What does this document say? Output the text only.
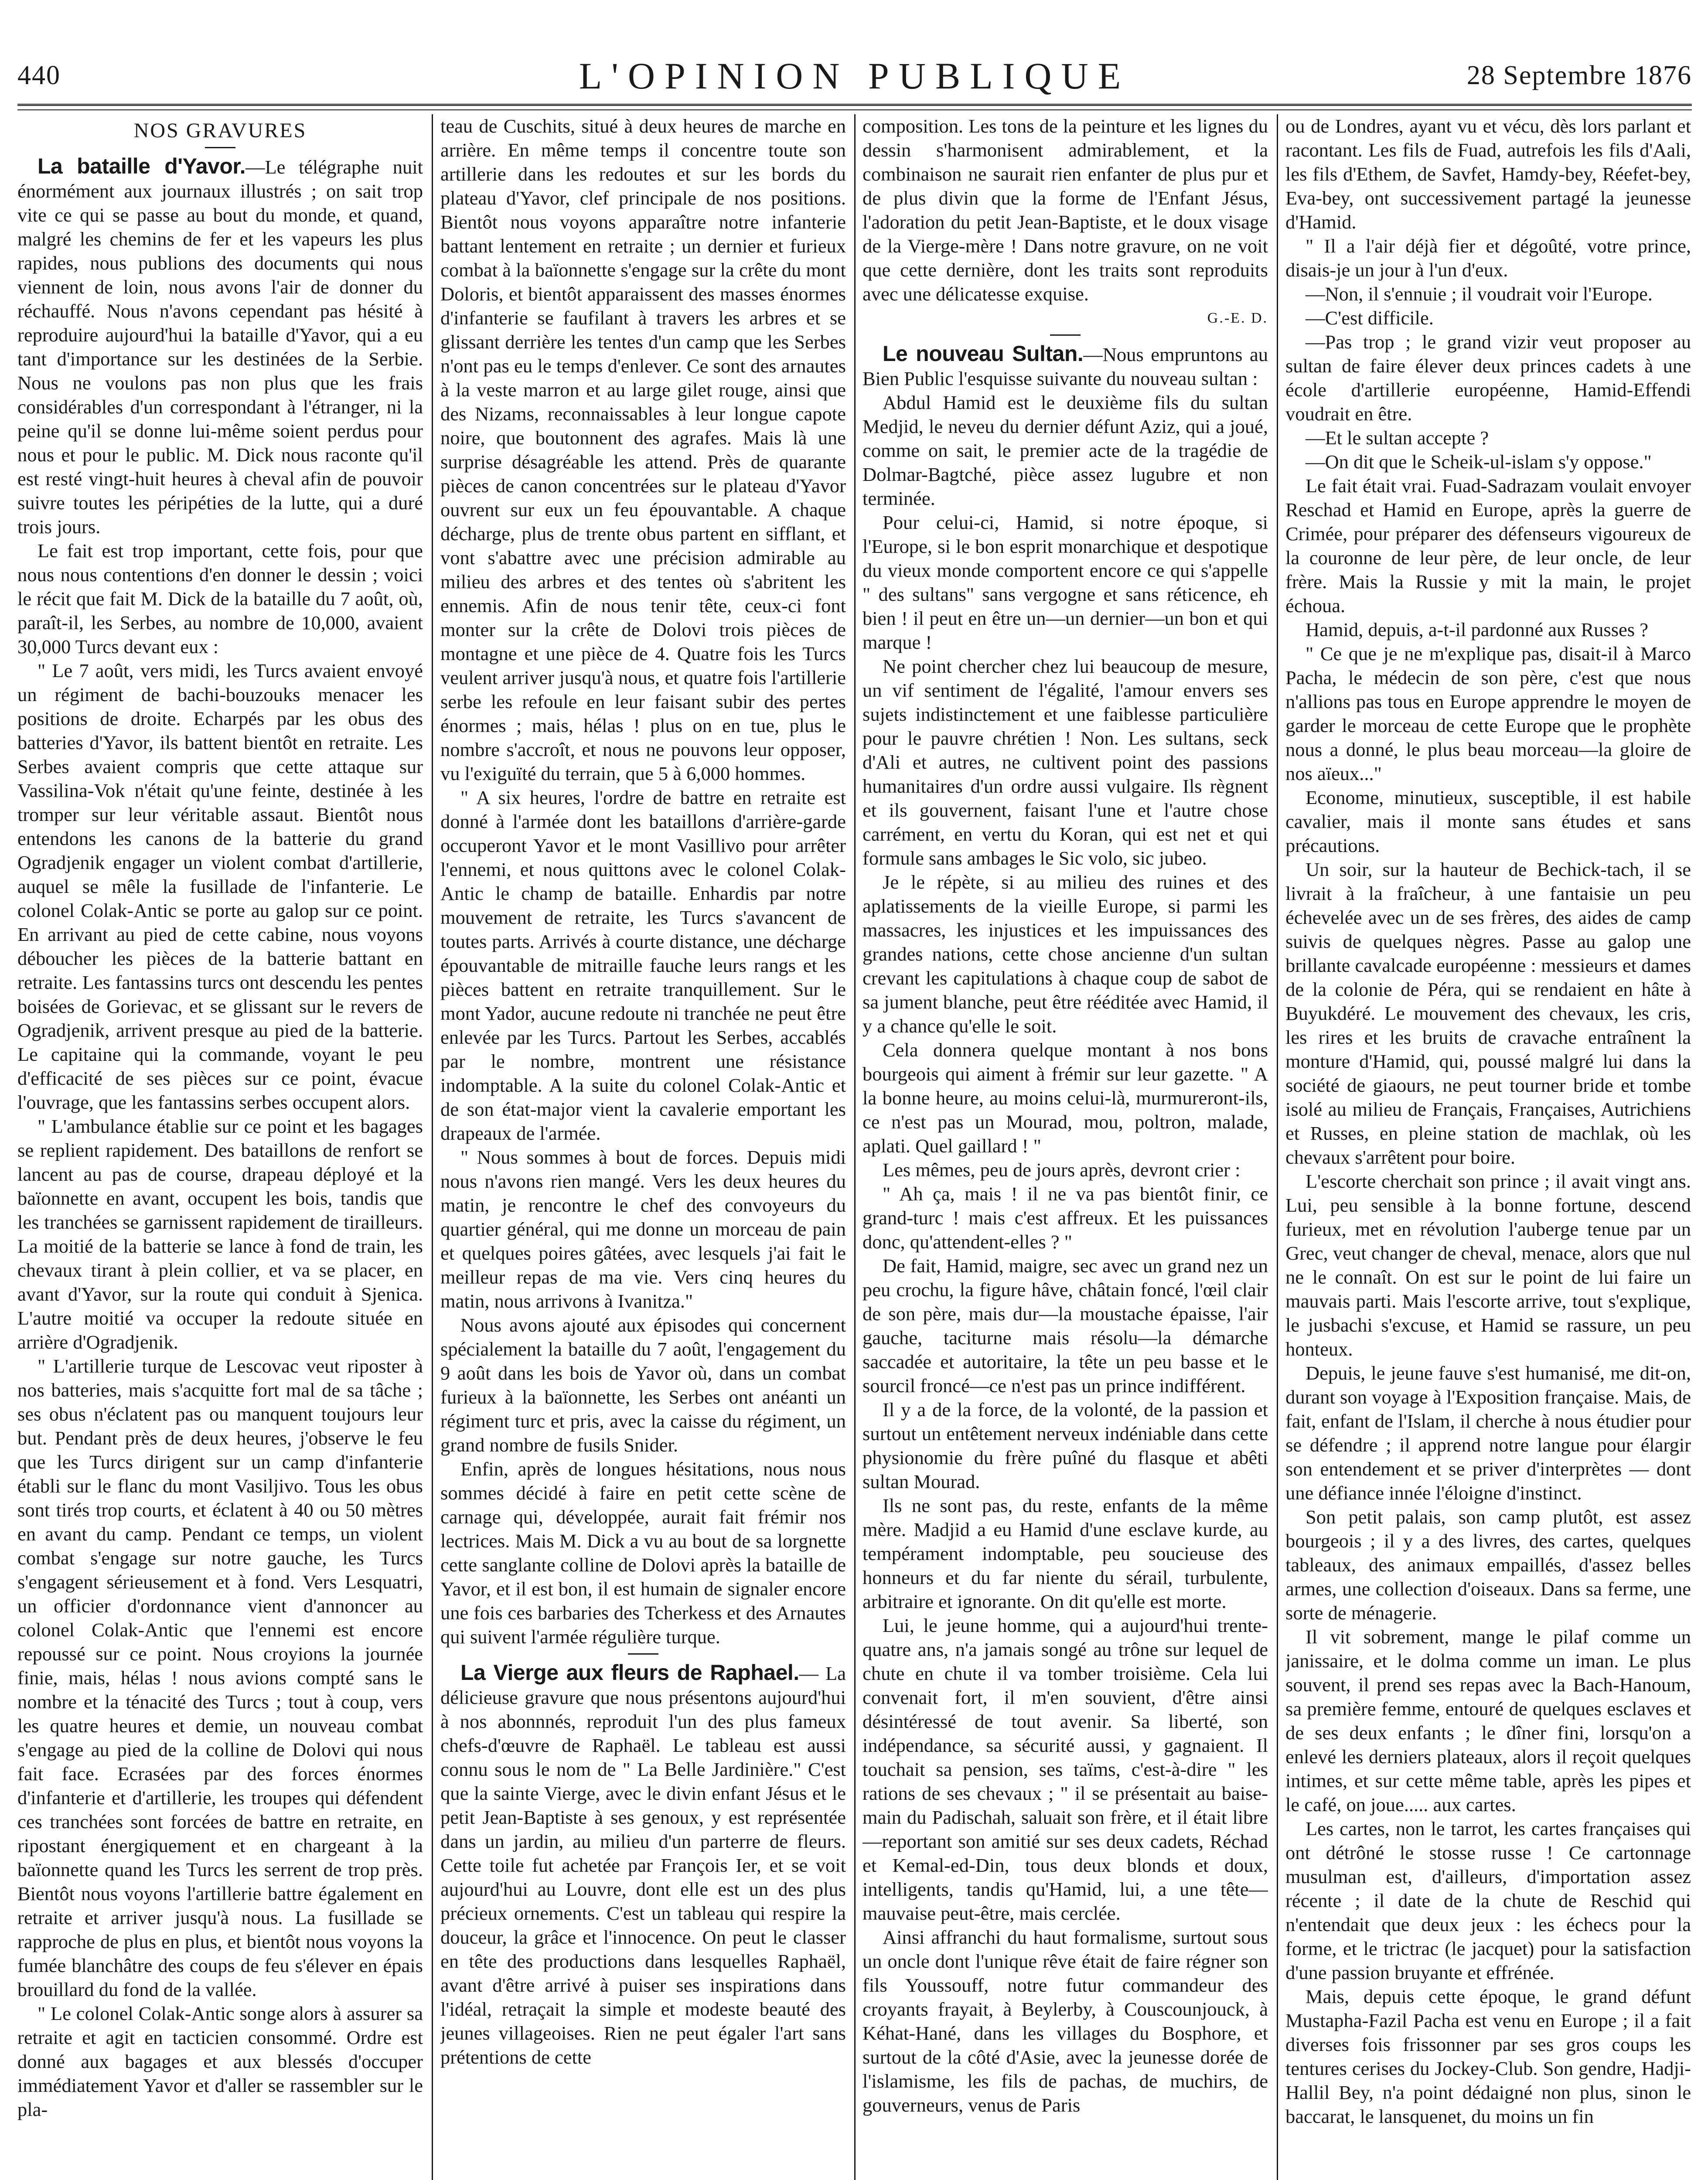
440	L'OPINION PUBLIQUE	28 Septembre 1876
NOS GRAVURES

La bataille d'Yavor.—Le télégraphe nuit énormément aux journaux illustrés ; on sait trop vite ce qui se passe au bout du monde, et quand, malgré les chemins de fer et les vapeurs les plus rapides, nous publions des documents qui nous viennent de loin, nous avons l'air de donner du réchauffé. Nous n'avons cependant pas hésité à reproduire aujourd'hui la bataille d'Yavor, qui a eu tant d'importance sur les destinées de la Serbie. Nous ne voulons pas non plus que les frais considérables d'un correspondant à l'étranger, ni la peine qu'il se donne lui-même soient perdus pour nous et pour le public. M. Dick nous raconte qu'il est resté vingt-huit heures à cheval afin de pouvoir suivre toutes les péripéties de la lutte, qui a duré trois jours.

Le fait est trop important, cette fois, pour que nous nous contentions d'en donner le dessin ; voici le récit que fait M. Dick de la bataille du 7 août, où, paraît-il, les Serbes, au nombre de 10,000, avaient 30,000 Turcs devant eux :

" Le 7 août, vers midi, les Turcs avaient envoyé un régiment de bachi-bouzouks menacer les positions de droite. Echarpés par les obus des batteries d'Yavor, ils battent bientôt en retraite. Les Serbes avaient compris que cette attaque sur Vassilina-Vok n'était qu'une feinte, destinée à les tromper sur leur véritable assaut. Bientôt nous entendons les canons de la batterie du grand Ogradjenik engager un violent combat d'artillerie, auquel se mêle la fusillade de l'infanterie. Le colonel Colak-Antic se porte au galop sur ce point. En arrivant au pied de cette cabine, nous voyons déboucher les pièces de la batterie battant en retraite. Les fantassins turcs ont descendu les pentes boisées de Gorievac, et se glissant sur le revers de Ogradjenik, arrivent presque au pied de la batterie. Le capitaine qui la commande, voyant le peu d'efficacité de ses pièces sur ce point, évacue l'ouvrage, que les fantassins serbes occupent alors.

" L'ambulance établie sur ce point et les bagages se replient rapidement. Des bataillons de renfort se lancent au pas de course, drapeau déployé et la baïonnette en avant, occupent les bois, tandis que les tranchées se garnissent rapidement de tirailleurs. La moitié de la batterie se lance à fond de train, les chevaux tirant à plein collier, et va se placer, en avant d'Yavor, sur la route qui conduit à Sjenica. L'autre moitié va occuper la redoute située en arrière d'Ogradjenik.

" L'artillerie turque de Lescovac veut riposter à nos batteries, mais s'acquitte fort mal de sa tâche ; ses obus n'éclatent pas ou manquent toujours leur but. Pendant près de deux heures, j'observe le feu que les Turcs dirigent sur un camp d'infanterie établi sur le flanc du mont Vasiljivo. Tous les obus sont tirés trop courts, et éclatent à 40 ou 50 mètres en avant du camp. Pendant ce temps, un violent combat s'engage sur notre gauche, les Turcs s'engagent sérieusement et à fond. Vers Lesquatri, un officier d'ordonnance vient d'annoncer au colonel Colak-Antic que l'ennemi est encore repoussé sur ce point. Nous croyions la journée finie, mais, hélas ! nous avions compté sans le nombre et la ténacité des Turcs ; tout à coup, vers les quatre heures et demie, un nouveau combat s'engage au pied de la colline de Dolovi qui nous fait face. Ecrasées par des forces énormes d'infanterie et d'artillerie, les troupes qui défendent ces tranchées sont forcées de battre en retraite, en ripostant énergiquement et en chargeant à la baïonnette quand les Turcs les serrent de trop près. Bientôt nous voyons l'artillerie battre également en retraite et arriver jusqu'à nous. La fusillade se rapproche de plus en plus, et bientôt nous voyons la fumée blanchâtre des coups de feu s'élever en épais brouillard du fond de la vallée.

" Le colonel Colak-Antic songe alors à assurer sa retraite et agit en tacticien consommé. Ordre est donné aux bagages et aux blessés d'occuper immédiatement Yavor et d'aller se rassembler sur le pla-

teau de Cuschits, situé à deux heures de marche en arrière. En même temps il concentre toute son artillerie dans les redoutes et sur les bords du plateau d'Yavor, clef principale de nos positions. Bientôt nous voyons apparaître notre infanterie battant lentement en retraite ; un dernier et furieux combat à la baïonnette s'engage sur la crête du mont Doloris, et bientôt apparaissent des masses énormes d'infanterie se faufilant à travers les arbres et se glissant derrière les tentes d'un camp que les Serbes n'ont pas eu le temps d'enlever. Ce sont des arnautes à la veste marron et au large gilet rouge, ainsi que des Nizams, reconnaissables à leur longue capote noire, que boutonnent des agrafes. Mais là une surprise désagréable les attend. Près de quarante pièces de canon concentrées sur le plateau d'Yavor ouvrent sur eux un feu épouvantable. A chaque décharge, plus de trente obus partent en sifflant, et vont s'abattre avec une précision admirable au milieu des arbres et des tentes où s'abritent les ennemis. Afin de nous tenir tête, ceux-ci font monter sur la crête de Dolovi trois pièces de montagne et une pièce de 4. Quatre fois les Turcs veulent arriver jusqu'à nous, et quatre fois l'artillerie serbe les refoule en leur faisant subir des pertes énormes ; mais, hélas ! plus on en tue, plus le nombre s'accroît, et nous ne pouvons leur opposer, vu l'exiguïté du terrain, que 5 à 6,000 hommes.

" A six heures, l'ordre de battre en retraite est donné à l'armée dont les bataillons d'arrière-garde occuperont Yavor et le mont Vasillivo pour arrêter l'ennemi, et nous quittons avec le colonel Colak-Antic le champ de bataille. Enhardis par notre mouvement de retraite, les Turcs s'avancent de toutes parts. Arrivés à courte distance, une décharge épouvantable de mitraille fauche leurs rangs et les pièces battent en retraite tranquillement. Sur le mont Yador, aucune redoute ni tranchée ne peut être enlevée par les Turcs. Partout les Serbes, accablés par le nombre, montrent une résistance indomptable. A la suite du colonel Colak-Antic et de son état-major vient la cavalerie emportant les drapeaux de l'armée.

" Nous sommes à bout de forces. Depuis midi nous n'avons rien mangé. Vers les deux heures du matin, je rencontre le chef des convoyeurs du quartier général, qui me donne un morceau de pain et quelques poires gâtées, avec lesquels j'ai fait le meilleur repas de ma vie. Vers cinq heures du matin, nous arrivons à Ivanitza."

Nous avons ajouté aux épisodes qui concernent spécialement la bataille du 7 août, l'engagement du 9 août dans les bois de Yavor où, dans un combat furieux à la baïonnette, les Serbes ont anéanti un régiment turc et pris, avec la caisse du régiment, un grand nombre de fusils Snider.

Enfin, après de longues hésitations, nous nous sommes décidé à faire en petit cette scène de carnage qui, développée, aurait fait frémir nos lectrices. Mais M. Dick a vu au bout de sa lorgnette cette sanglante colline de Dolovi après la bataille de Yavor, et il est bon, il est humain de signaler encore une fois ces barbaries des Tcherkess et des Arnautes qui suivent l'armée régulière turque.

La Vierge aux fleurs de Raphael.— La délicieuse gravure que nous présentons aujourd'hui à nos abonnnés, reproduit l'un des plus fameux chefs-d'œuvre de Raphaël. Le tableau est aussi connu sous le nom de " La Belle Jardinière." C'est que la sainte Vierge, avec le divin enfant Jésus et le petit Jean-Baptiste à ses genoux, y est représentée dans un jardin, au milieu d'un parterre de fleurs. Cette toile fut achetée par François Ier, et se voit aujourd'hui au Louvre, dont elle est un des plus précieux ornements. C'est un tableau qui respire la douceur, la grâce et l'innocence. On peut le classer en tête des productions dans lesquelles Raphaël, avant d'être arrivé à puiser ses inspirations dans l'idéal, retraçait la simple et modeste beauté des jeunes villageoises. Rien ne peut égaler l'art sans prétentions de cette

composition. Les tons de la peinture et les lignes du dessin s'harmonisent admirablement, et la combinaison ne saurait rien enfanter de plus pur et de plus divin que la forme de l'Enfant Jésus, l'adoration du petit Jean-Baptiste, et le doux visage de la Vierge-mère ! Dans notre gravure, on ne voit que cette dernière, dont les traits sont reproduits avec une délicatesse exquise.

G.-E. D.

Le nouveau Sultan.—Nous empruntons au Bien Public l'esquisse suivante du nouveau sultan :

Abdul Hamid est le deuxième fils du sultan Medjid, le neveu du dernier défunt Aziz, qui a joué, comme on sait, le premier acte de la tragédie de Dolmar-Bagtché, pièce assez lugubre et non terminée.

Pour celui-ci, Hamid, si notre époque, si l'Europe, si le bon esprit monarchique et despotique du vieux monde comportent encore ce qui s'appelle " des sultans" sans vergogne et sans réticence, eh bien ! il peut en être un—un dernier—un bon et qui marque !

Ne point chercher chez lui beaucoup de mesure, un vif sentiment de l'égalité, l'amour envers ses sujets indistinctement et une faiblesse particulière pour le pauvre chrétien ! Non. Les sultans, seck d'Ali et autres, ne cultivent point des passions humanitaires d'un ordre aussi vulgaire. Ils règnent et ils gouvernent, faisant l'une et l'autre chose carrément, en vertu du Koran, qui est net et qui formule sans ambages le Sic volo, sic jubeo.

Je le répète, si au milieu des ruines et des aplatissements de la vieille Europe, si parmi les massacres, les injustices et les impuissances des grandes nations, cette chose ancienne d'un sultan crevant les capitulations à chaque coup de sabot de sa jument blanche, peut être rééditée avec Hamid, il y a chance qu'elle le soit.

Cela donnera quelque montant à nos bons bourgeois qui aiment à frémir sur leur gazette. " A la bonne heure, au moins celui-là, murmureront-ils, ce n'est pas un Mourad, mou, poltron, malade, aplati. Quel gaillard ! "

Les mêmes, peu de jours après, devront crier :

" Ah ça, mais ! il ne va pas bientôt finir, ce grand-turc ! mais c'est affreux. Et les puissances donc, qu'attendent-elles ? "

De fait, Hamid, maigre, sec avec un grand nez un peu crochu, la figure hâve, châtain foncé, l'œil clair de son père, mais dur—la moustache épaisse, l'air gauche, taciturne mais résolu—la démarche saccadée et autoritaire, la tête un peu basse et le sourcil froncé—ce n'est pas un prince indifférent.

Il y a de la force, de la volonté, de la passion et surtout un entêtement nerveux indéniable dans cette physionomie du frère puîné du flasque et abêti sultan Mourad.

Ils ne sont pas, du reste, enfants de la même mère. Madjid a eu Hamid d'une esclave kurde, au tempérament indomptable, peu soucieuse des honneurs et du far niente du sérail, turbulente, arbitraire et ignorante. On dit qu'elle est morte.

Lui, le jeune homme, qui a aujourd'hui trente-quatre ans, n'a jamais songé au trône sur lequel de chute en chute il va tomber troisième. Cela lui convenait fort, il m'en souvient, d'être ainsi désintéressé de tout avenir. Sa liberté, son indépendance, sa sécurité aussi, y gagnaient. Il touchait sa pension, ses taïms, c'est-à-dire " les rations de ses chevaux ; " il se présentait au baise-main du Padischah, saluait son frère, et il était libre—reportant son amitié sur ses deux cadets, Réchad et Kemal-ed-Din, tous deux blonds et doux, intelligents, tandis qu'Hamid, lui, a une tête—mauvaise peut-être, mais cerclée.

Ainsi affranchi du haut formalisme, surtout sous un oncle dont l'unique rêve était de faire régner son fils Youssouff, notre futur commandeur des croyants frayait, à Beylerby, à Couscounjouck, à Kéhat-Hané, dans les villages du Bosphore, et surtout de la côté d'Asie, avec la jeunesse dorée de l'islamisme, les fils de pachas, de muchirs, de gouverneurs, venus de Paris

ou de Londres, ayant vu et vécu, dès lors parlant et racontant. Les fils de Fuad, autrefois les fils d'Aali, les fils d'Ethem, de Savfet, Hamdy-bey, Réefet-bey, Eva-bey, ont successivement partagé la jeunesse d'Hamid.

" Il a l'air déjà fier et dégoûté, votre prince, disais-je un jour à l'un d'eux.

—Non, il s'ennuie ; il voudrait voir l'Europe.

—C'est difficile.

—Pas trop ; le grand vizir veut proposer au sultan de faire élever deux princes cadets à une école d'artillerie européenne, Hamid-Effendi voudrait en être.

—Et le sultan accepte ?

—On dit que le Scheik-ul-islam s'y oppose."

Le fait était vrai. Fuad-Sadrazam voulait envoyer Reschad et Hamid en Europe, après la guerre de Crimée, pour préparer des défenseurs vigoureux de la couronne de leur père, de leur oncle, de leur frère. Mais la Russie y mit la main, le projet échoua.

Hamid, depuis, a-t-il pardonné aux Russes ?

" Ce que je ne m'explique pas, disait-il à Marco Pacha, le médecin de son père, c'est que nous n'allions pas tous en Europe apprendre le moyen de garder le morceau de cette Europe que le prophète nous a donné, le plus beau morceau—la gloire de nos aïeux..."

Econome, minutieux, susceptible, il est habile cavalier, mais il monte sans études et sans précautions.

Un soir, sur la hauteur de Bechick-tach, il se livrait à la fraîcheur, à une fantaisie un peu échevelée avec un de ses frères, des aides de camp suivis de quelques nègres. Passe au galop une brillante cavalcade européenne : messieurs et dames de la colonie de Péra, qui se rendaient en hâte à Buyukdéré. Le mouvement des chevaux, les cris, les rires et les bruits de cravache entraînent la monture d'Hamid, qui, poussé malgré lui dans la société de giaours, ne peut tourner bride et tombe isolé au milieu de Français, Françaises, Autrichiens et Russes, en pleine station de machlak, où les chevaux s'arrêtent pour boire.

L'escorte cherchait son prince ; il avait vingt ans. Lui, peu sensible à la bonne fortune, descend furieux, met en révolution l'auberge tenue par un Grec, veut changer de cheval, menace, alors que nul ne le connaît. On est sur le point de lui faire un mauvais parti. Mais l'escorte arrive, tout s'explique, le jusbachi s'excuse, et Hamid se rassure, un peu honteux.

Depuis, le jeune fauve s'est humanisé, me dit-on, durant son voyage à l'Exposition française. Mais, de fait, enfant de l'Islam, il cherche à nous étudier pour se défendre ; il apprend notre langue pour élargir son entendement et se priver d'interprètes — dont une défiance innée l'éloigne d'instinct.

Son petit palais, son camp plutôt, est assez bourgeois ; il y a des livres, des cartes, quelques tableaux, des animaux empaillés, d'assez belles armes, une collection d'oiseaux. Dans sa ferme, une sorte de ménagerie.

Il vit sobrement, mange le pilaf comme un janissaire, et le dolma comme un iman. Le plus souvent, il prend ses repas avec la Bach-Hanoum, sa première femme, entouré de quelques esclaves et de ses deux enfants ; le dîner fini, lorsqu'on a enlevé les derniers plateaux, alors il reçoit quelques intimes, et sur cette même table, après les pipes et le café, on joue..... aux cartes.

Les cartes, non le tarrot, les cartes françaises qui ont détrôné le stosse russe ! Ce cartonnage musulman est, d'ailleurs, d'importation assez récente ; il date de la chute de Reschid qui n'entendait que deux jeux : les échecs pour la forme, et le trictrac (le jacquet) pour la satisfaction d'une passion bruyante et effrénée.

Mais, depuis cette époque, le grand défunt Mustapha-Fazil Pacha est venu en Europe ; il a fait diverses fois frissonner par ses gros coups les tentures cerises du Jockey-Club. Son gendre, Hadji-Hallil Bey, n'a point dédaigné non plus, sinon le baccarat, le lansquenet, du moins un fin
